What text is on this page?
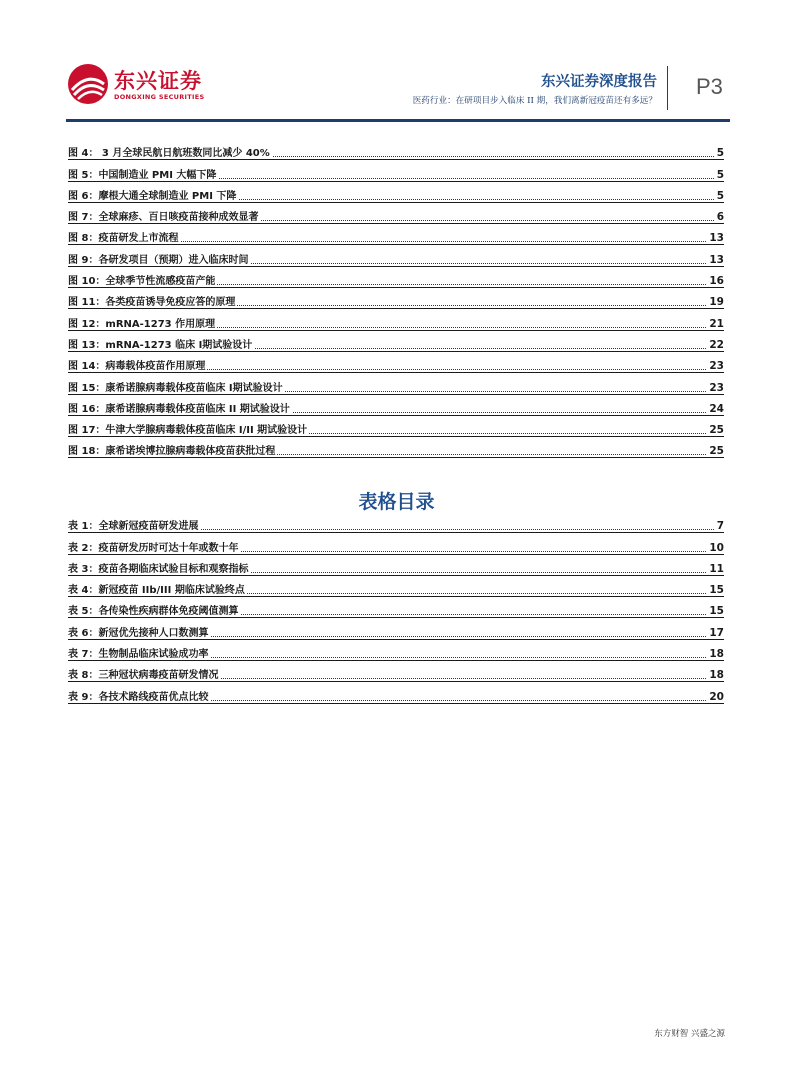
东兴证券
DONGXING SECURITIES
东兴证券深度报告
医药行业：在研项目步入临床 II 期，我们离新冠疫苗还有多远？
P3
图 4： 3 月全球民航日航班数同比减少 40%	5
图 5：中国制造业 PMI 大幅下降	5
图 6：摩根大通全球制造业 PMI 下降	5
图 7：全球麻疹、百日咳疫苗接种成效显著	6
图 8：疫苗研发上市流程	13
图 9：各研发项目（预期）进入临床时间	13
图 10：全球季节性流感疫苗产能	16
图 11：各类疫苗诱导免疫应答的原理	19
图 12：mRNA-1273 作用原理	21
图 13：mRNA-1273 临床 I期试验设计	22
图 14：病毒载体疫苗作用原理	23
图 15：康希诺腺病毒载体疫苗临床 I期试验设计	23
图 16：康希诺腺病毒载体疫苗临床 II 期试验设计	24
图 17：牛津大学腺病毒载体疫苗临床 I/II 期试验设计	25
图 18：康希诺埃博拉腺病毒载体疫苗获批过程	25
表格目录
表 1：全球新冠疫苗研发进展	7
表 2：疫苗研发历时可达十年或数十年	10
表 3：疫苗各期临床试验目标和观察指标	11
表 4：新冠疫苗 IIb/III 期临床试验终点	15
表 5：各传染性疾病群体免疫阈值测算	15
表 6：新冠优先接种人口数测算	17
表 7：生物制品临床试验成功率	18
表 8：三种冠状病毒疫苗研发情况	18
表 9：各技术路线疫苗优点比较	20
东方财智 兴盛之源
